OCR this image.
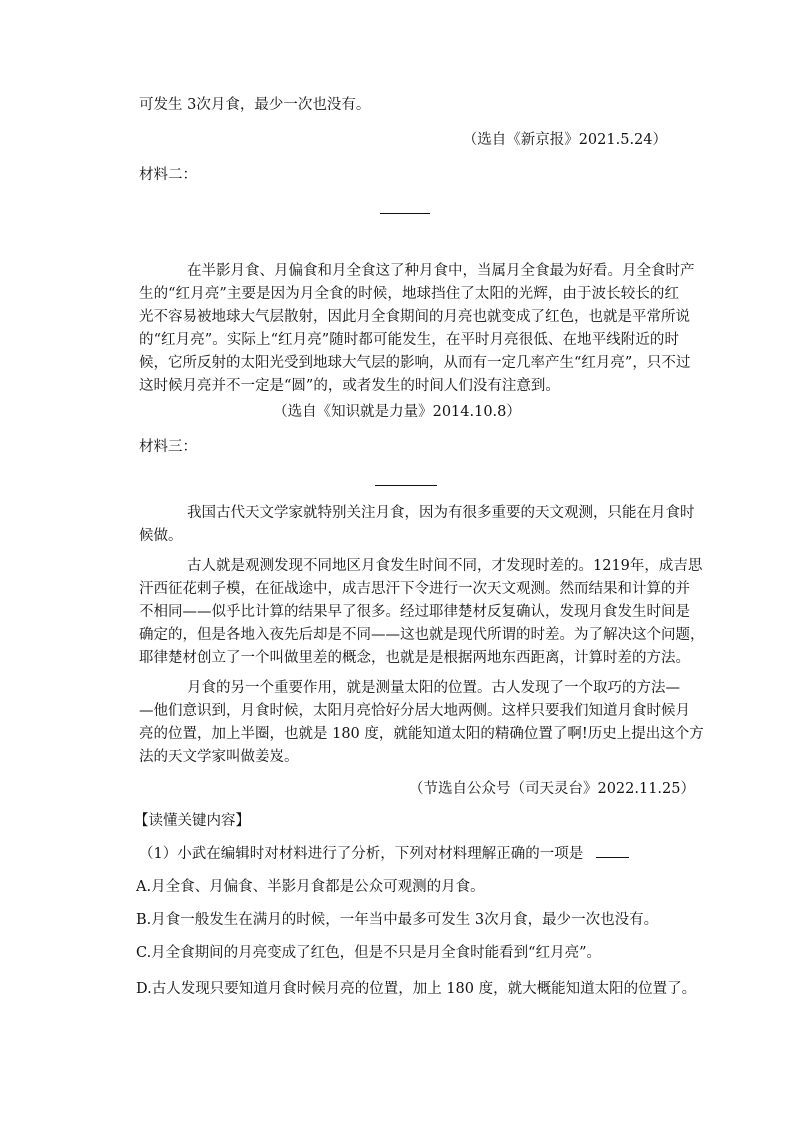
可发生 3次月食，最少一次也没有。
（选自《新京报》2021.5.24）
材料二：
在半影月食、月偏食和月全食这了种月食中，当属月全食最为好看。月全食时产
生的“红月亮”主要是因为月全食的时候，地球挡住了太阳的光辉，由于波长较长的红
光不容易被地球大气层散射，因此月全食期间的月亮也就变成了红色，也就是平常所说
的“红月亮”。实际上“红月亮”随时都可能发生，在平时月亮很低、在地平线附近的时
候，它所反射的太阳光受到地球大气层的影响，从而有一定几率产生“红月亮”，只不过
这时候月亮并不一定是“圆”的，或者发生的时间人们没有注意到。
（选自《知识就是力量》2014.10.8）
材料三：
我国古代天文学家就特别关注月食，因为有很多重要的天文观测，只能在月食时
候做。
古人就是观测发现不同地区月食发生时间不同，才发现时差的。1219年，成吉思
汗西征花剌子模，在征战途中，成吉思汗下令进行一次天文观测。然而结果和计算的并
不相同——似乎比计算的结果早了很多。经过耶律楚材反复确认，发现月食发生时间是
确定的，但是各地入夜先后却是不同——这也就是现代所谓的时差。为了解决这个问题，
耶律楚材创立了一个叫做里差的概念，也就是是根据两地东西距离，计算时差的方法。
月食的另一个重要作用，就是测量太阳的位置。古人发现了一个取巧的方法—
—他们意识到，月食时候，太阳月亮恰好分居大地两侧。这样只要我们知道月食时候月
亮的位置，加上半圈，也就是 180 度，就能知道太阳的精确位置了啊!历史上提出这个方
法的天文学家叫做姜岌。
（节选自公众号（司天灵台》2022.11.25）
【读懂关键内容】
（1）小武在编辑时对材料进行了分析，下列对材料理解正确的一项是
A.月全食、月偏食、半影月食都是公众可观测的月食。
B.月食一般发生在满月的时候，一年当中最多可发生 3次月食，最少一次也没有。
C.月全食期间的月亮变成了红色，但是不只是月全食时能看到“红月亮”。
D.古人发现只要知道月食时候月亮的位置，加上 180 度，就大概能知道太阳的位置了。
